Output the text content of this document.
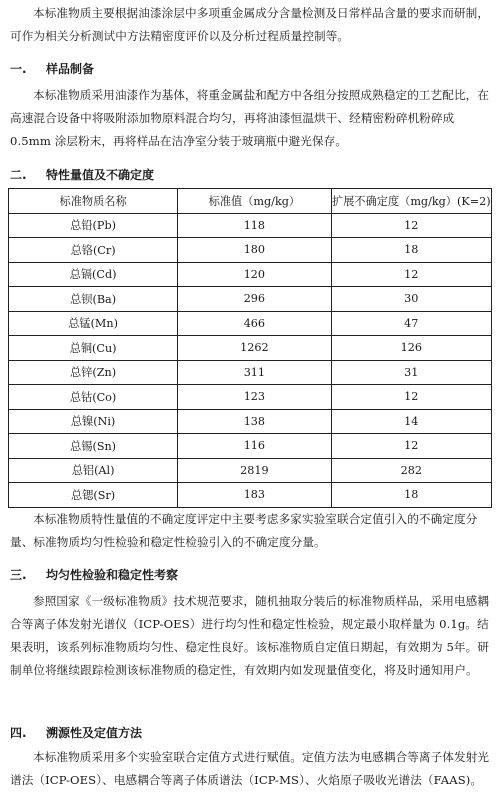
本标准物质主要根据油漆涂层中多项重金属成分含量检测及日常样品含量的要求而研制，可作为相关分析测试中方法精密度评价以及分析过程质量控制等。

一. 样品制备

本标准物质采用油漆作为基体，将重金属盐和配方中各组分按照成熟稳定的工艺配比，在高速混合设备中将吸附添加物原料混合均匀，再将油漆恒温烘干、经精密粉碎机粉碎成0.5mm 涂层粉末，再将样品在洁净室分装于玻璃瓶中避光保存。

二. 特性量值及不确定度
标准物质名称	标准值（mg/kg）	扩展不确定度（mg/kg）(K=2)
总铅(Pb)	118	12
总铬(Cr)	180	18
总镉(Cd)	120	12
总钡(Ba)	296	30
总锰(Mn)	466	47
总铜(Cu)	1262	126
总锌(Zn)	311	31
总钴(Co)	123	12
总镍(Ni)	138	14
总锡(Sn)	116	12
总铝(Al)	2819	282
总锶(Sr)	183	18

本标准物质特性量值的不确定度评定中主要考虑多家实验室联合定值引入的不确定度分量、标准物质均匀性检验和稳定性检验引入的不确定度分量。

三. 均匀性检验和稳定性考察

参照国家《一级标准物质》技术规范要求，随机抽取分装后的标准物质样品，采用电感耦合等离子体发射光谱仪（ICP-OES）进行均匀性和稳定性检验，规定最小取样量为 0.1g。结果表明，该系列标准物质均匀性、稳定性良好。该标准物质自定值日期起，有效期为 5年。研制单位将继续跟踪检测该标准物质的稳定性，有效期内如发现量值变化，将及时通知用户。

四. 溯源性及定值方法

本标准物质采用多个实验室联合定值方式进行赋值。定值方法为电感耦合等离子体发射光谱法（ICP-OES）、电感耦合等离子体质谱法（ICP-MS）、火焰原子吸收光谱法（FAAS)。
